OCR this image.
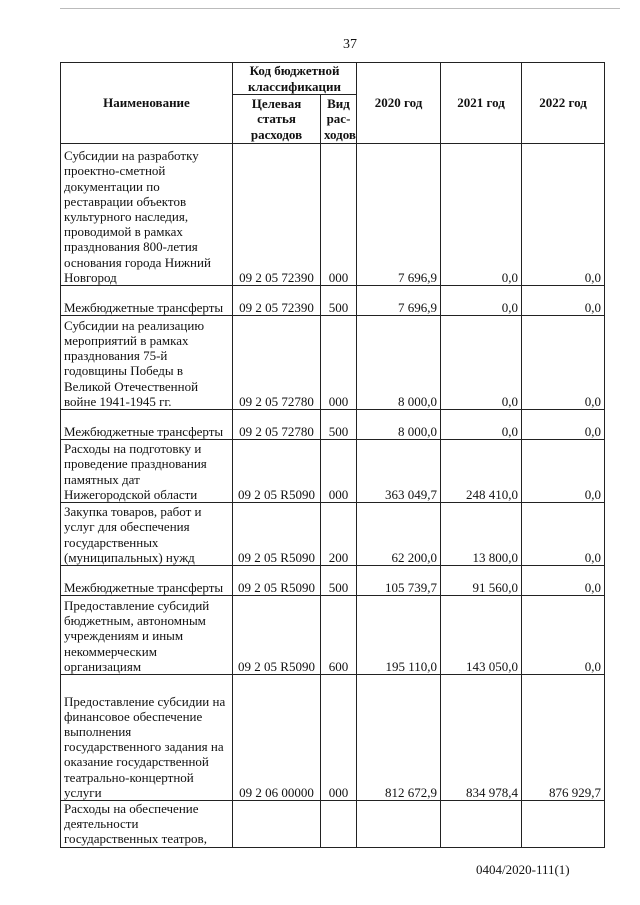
37
Наименование	Код бюджетной классификации		2020 год	2021 год	2022 год
	Целевая статья расходов	Вид рас-ходов			
Субсидии на разработку проектно-сметной документации по реставрации объектов культурного наследия, проводимой в рамках празднования 800-летия основания города Нижний Новгород	09 2 05 72390	000	7 696,9	0,0	0,0
Межбюджетные трансферты	09 2 05 72390	500	7 696,9	0,0	0,0
Субсидии на реализацию мероприятий в рамках празднования 75-й годовщины Победы в Великой Отечественной войне 1941-1945 гг.	09 2 05 72780	000	8 000,0	0,0	0,0
Межбюджетные трансферты	09 2 05 72780	500	8 000,0	0,0	0,0
Расходы на подготовку и проведение празднования памятных дат Нижегородской области	09 2 05 R5090	000	363 049,7	248 410,0	0,0
Закупка товаров, работ и услуг для обеспечения государственных (муниципальных) нужд	09 2 05 R5090	200	62 200,0	13 800,0	0,0
Межбюджетные трансферты	09 2 05 R5090	500	105 739,7	91 560,0	0,0
Предоставление субсидий бюджетным, автономным учреждениям и иным некоммерческим организациям	09 2 05 R5090	600	195 110,0	143 050,0	0,0
Предоставление субсидии на финансовое обеспечение выполнения государственного задания на оказание государственной театрально-концертной услуги	09 2 06 00000	000	812 672,9	834 978,4	876 929,7
Расходы на обеспечение деятельности государственных театров,					
0404/2020-111(1)
